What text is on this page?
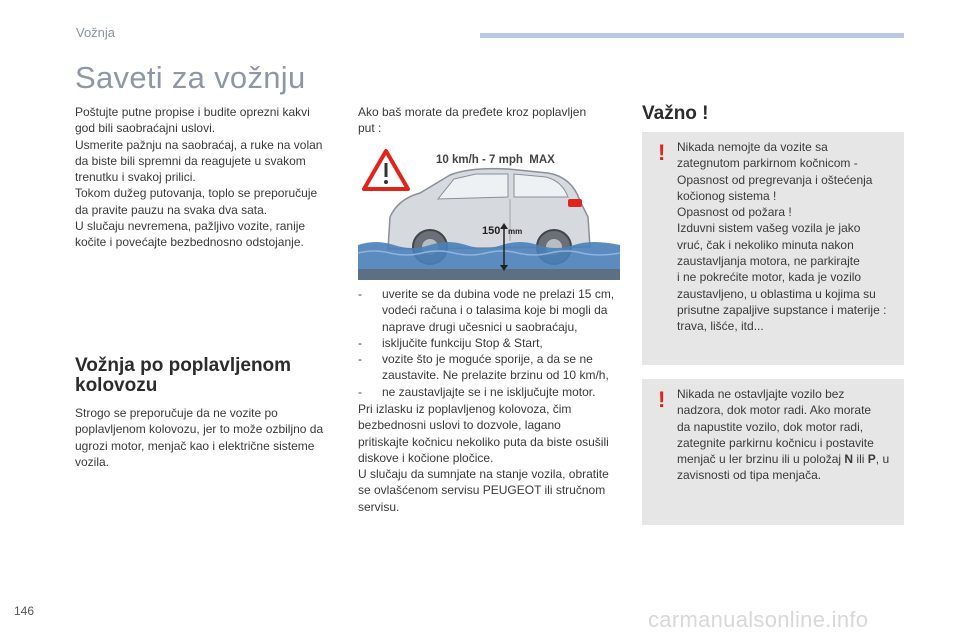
Vožnja
Saveti za vožnju

Poštujte putne propise i budite oprezni kakvi
god bili saobraćajni uslovi.
Usmerite pažnju na saobraćaj, a ruke na volan
da biste bili spremni da reagujete u svakom
trenutku i svakoj prilici.
Tokom dužeg putovanja, toplo se preporučuje
da pravite pauzu na svaka dva sata.
U slučaju nevremena, pažljivo vozite, ranije
kočite i povećajte bezbednosno odstojanje.

Vožnja po poplavljenom
kolovozu

Strogo se preporučuje da ne vozite po
poplavljenom kolovozu, jer to može ozbiljno da
ugrozi motor, menjač kao i električne sisteme
vozila.

Ako baš morate da pređete kroz poplavljen
put :

10 km/h - 7 mph  MAX
150 mm
- uverite se da dubina vode ne prelazi 15 cm,
vodeći računa i o talasima koje bi mogli da
naprave drugi učesnici u saobraćaju,
- isključite funkciju Stop & Start,
- vozite što je moguće sporije, a da se ne
zaustavite. Ne prelazite brzinu od 10 km/h,
- ne zaustavljajte se i ne isključujte motor.

Pri izlasku iz poplavljenog kolovoza, čim
bezbednosni uslovi to dozvole, lagano
pritiskajte kočnicu nekoliko puta da biste osušili
diskove i kočione pločice.
U slučaju da sumnjate na stanje vozila, obratite
se ovlašćenom servisu PEUGEOT ili stručnom
servisu.

Važno !
! Nikada nemojte da vozite sa
zategnutom parkirnom kočnicom -
Opasnost od pregrevanja i oštećenja
kočionog sistema !
Opasnost od požara !
Izduvni sistem vašeg vozila je jako
vruć, čak i nekoliko minuta nakon
zaustavljanja motora, ne parkirajte
i ne pokrećite motor, kada je vozilo
zaustavljeno, u oblastima u kojima su
prisutne zapaljive supstance i materije :
trava, lišće, itd...
! Nikada ne ostavljajte vozilo bez
nadzora, dok motor radi. Ako morate
da napustite vozilo, dok motor radi,
zategnite parkirnu kočnicu i postavite
menjač u ler brzinu ili u položaj N ili P, u
zavisnosti od tipa menjača.
146	carmanualsonline.info
